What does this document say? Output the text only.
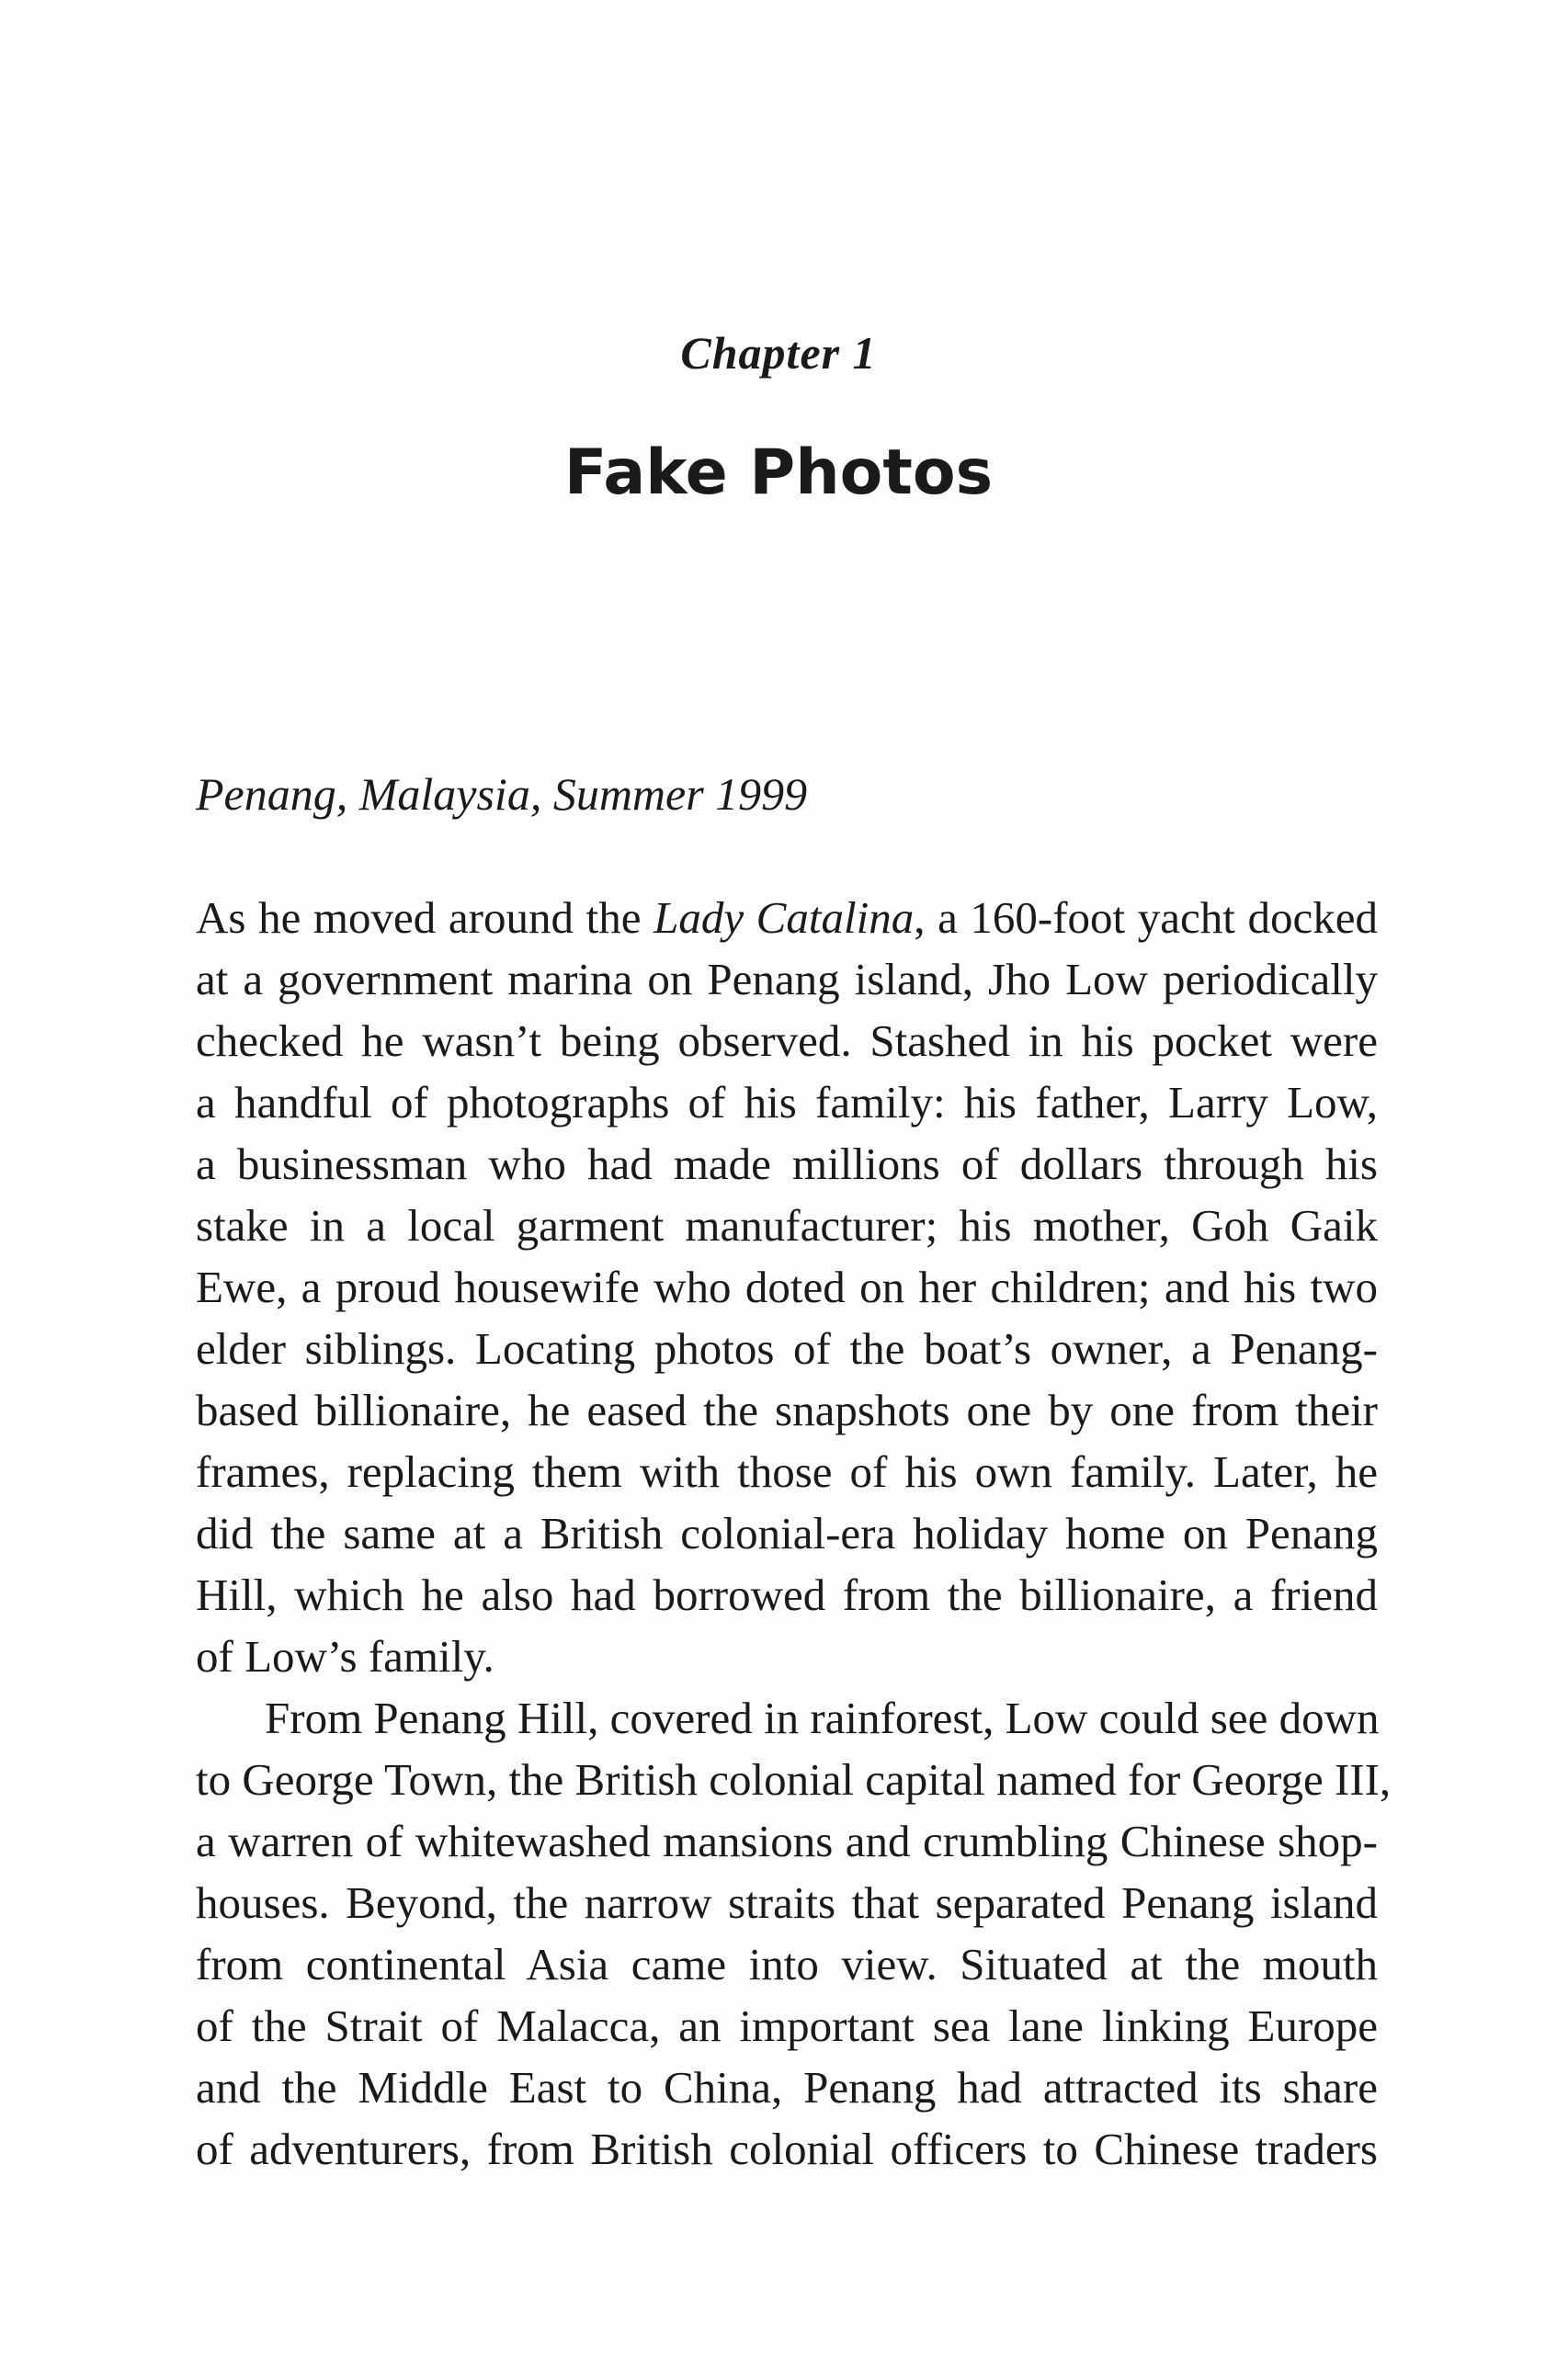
Chapter 1
Fake Photos
Penang, Malaysia, Summer 1999
As he moved around the Lady Catalina, a 160-foot yacht docked
at a government marina on Penang island, Jho Low periodically
checked he wasn’t being observed. Stashed in his pocket were
a handful of photographs of his family: his father, Larry Low,
a businessman who had made millions of dollars through his
stake in a local garment manufacturer; his mother, Goh Gaik
Ewe, a proud housewife who doted on her children; and his two
elder siblings. Locating photos of the boat’s owner, a Penang-
based billionaire, he eased the snapshots one by one from their
frames, replacing them with those of his own family. Later, he
did the same at a British colonial-era holiday home on Penang
Hill, which he also had borrowed from the billionaire, a friend
of Low’s family.
From Penang Hill, covered in rainforest, Low could see down
to George Town, the British colonial capital named for George III,
a warren of whitewashed mansions and crumbling Chinese shop-
houses. Beyond, the narrow straits that separated Penang island
from continental Asia came into view. Situated at the mouth
of the Strait of Malacca, an important sea lane linking Europe
and the Middle East to China, Penang had attracted its share
of adventurers, from British colonial officers to Chinese traders
